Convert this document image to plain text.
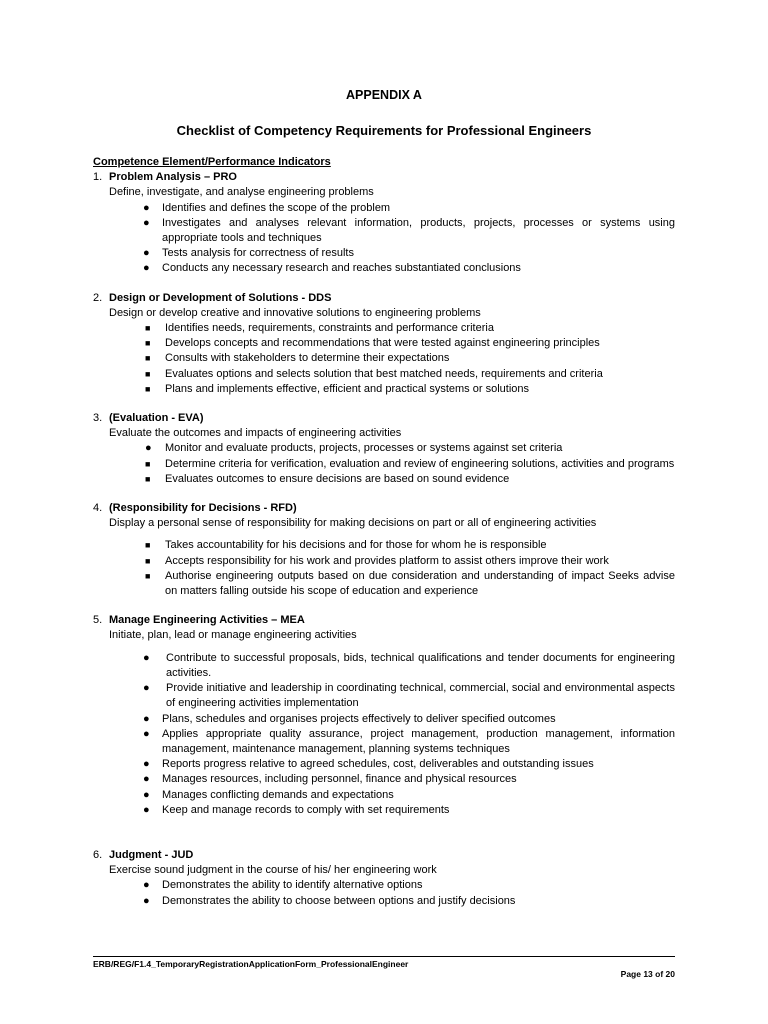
APPENDIX A
Checklist of Competency Requirements for Professional Engineers
Competence Element/Performance Indicators
1. Problem Analysis – PRO
Define, investigate, and analyse engineering problems
● Identifies and defines the scope of the problem
● Investigates and analyses relevant information, products, projects, processes or systems using appropriate tools and techniques
● Tests analysis for correctness of results
● Conducts any necessary research and reaches substantiated conclusions
2. Design or Development of Solutions - DDS
Design or develop creative and innovative solutions to engineering problems
■ Identifies needs, requirements, constraints and performance criteria
■ Develops concepts and recommendations that were tested against engineering principles
■ Consults with stakeholders to determine their expectations
■ Evaluates options and selects solution that best matched needs, requirements and criteria
■ Plans and implements effective, efficient and practical systems or solutions
3. (Evaluation - EVA)
Evaluate the outcomes and impacts of engineering activities
● Monitor and evaluate products, projects, processes or systems against set criteria
■ Determine criteria for verification, evaluation and review of engineering solutions, activities and programs
■ Evaluates outcomes to ensure decisions are based on sound evidence
4. (Responsibility for Decisions - RFD)
Display a personal sense of responsibility for making decisions on part or all of engineering activities
■ Takes accountability for his decisions and for those for whom he is responsible
■ Accepts responsibility for his work and provides platform to assist others improve their work
■ Authorise engineering outputs based on due consideration and understanding of impact Seeks advise on matters falling outside his scope of education and experience
5. Manage Engineering Activities – MEA
Initiate, plan, lead or manage engineering activities
● Contribute to successful proposals, bids, technical qualifications and tender documents for engineering activities.
● Provide initiative and leadership in coordinating technical, commercial, social and environmental aspects of engineering activities implementation
● Plans, schedules and organises projects effectively to deliver specified outcomes
● Applies appropriate quality assurance, project management, production management, information management, maintenance management, planning systems techniques
● Reports progress relative to agreed schedules, cost, deliverables and outstanding issues
● Manages resources, including personnel, finance and physical resources
● Manages conflicting demands and expectations
● Keep and manage records to comply with set requirements
6. Judgment - JUD
Exercise sound judgment in the course of his/ her engineering work
● Demonstrates the ability to identify alternative options
● Demonstrates the ability to choose between options and justify decisions
ERB/REG/F1.4_TemporaryRegistrationApplicationForm_ProfessionalEngineer
Page 13 of 20
